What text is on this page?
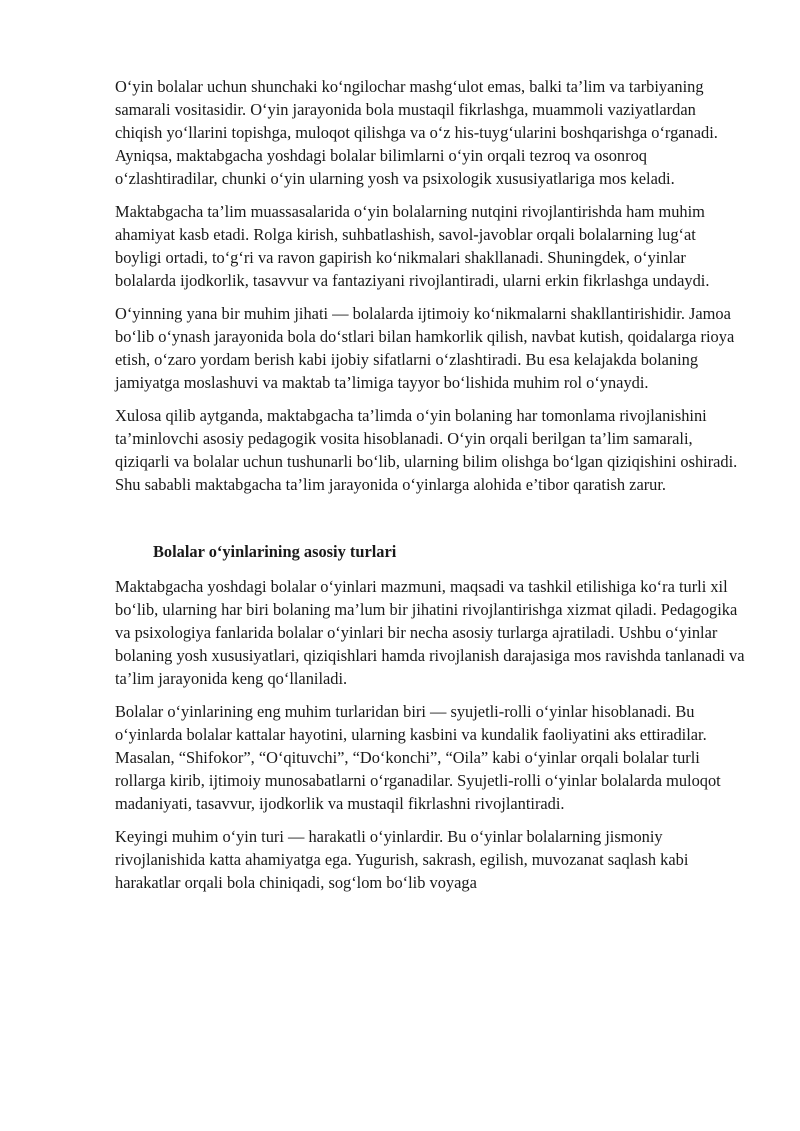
O‘yin bolalar uchun shunchaki ko‘ngilochar mashg‘ulot emas, balki ta’lim va tarbiyaning samarali vositasidir. O‘yin jarayonida bola mustaqil fikrlashga, muammoli vaziyatlardan chiqish yo‘llarini topishga, muloqot qilishga va o‘z his-tuyg‘ularini boshqarishga o‘rganadi. Ayniqsa, maktabgacha yoshdagi bolalar bilimlarni o‘yin orqali tezroq va osonroq o‘zlashtiradilar, chunki o‘yin ularning yosh va psixologik xususiyatlariga mos keladi.

Maktabgacha ta’lim muassasalarida o‘yin bolalarning nutqini rivojlantirishda ham muhim ahamiyat kasb etadi. Rolga kirish, suhbatlashish, savol-javoblar orqali bolalarning lug‘at boyligi ortadi, to‘g‘ri va ravon gapirish ko‘nikmalari shakllanadi. Shuningdek, o‘yinlar bolalarda ijodkorlik, tasavvur va fantaziyani rivojlantiradi, ularni erkin fikrlashga undaydi.

O‘yinning yana bir muhim jihati — bolalarda ijtimoiy ko‘nikmalarni shakllantirishidir. Jamoa bo‘lib o‘ynash jarayonida bola do‘stlari bilan hamkorlik qilish, navbat kutish, qoidalarga rioya etish, o‘zaro yordam berish kabi ijobiy sifatlarni o‘zlashtiradi. Bu esa kelajakda bolaning jamiyatga moslashuvi va maktab ta’limiga tayyor bo‘lishida muhim rol o‘ynaydi.

Xulosa qilib aytganda, maktabgacha ta’limda o‘yin bolaning har tomonlama rivojlanishini ta’minlovchi asosiy pedagogik vosita hisoblanadi. O‘yin orqali berilgan ta’lim samarali, qiziqarli va bolalar uchun tushunarli bo‘lib, ularning bilim olishga bo‘lgan qiziqishini oshiradi. Shu sababli maktabgacha ta’lim jarayonida o‘yinlarga alohida e’tibor qaratish zarur.

Bolalar o‘yinlarining asosiy turlari

Maktabgacha yoshdagi bolalar o‘yinlari mazmuni, maqsadi va tashkil etilishiga ko‘ra turli xil bo‘lib, ularning har biri bolaning ma’lum bir jihatini rivojlantirishga xizmat qiladi. Pedagogika va psixologiya fanlarida bolalar o‘yinlari bir necha asosiy turlarga ajratiladi. Ushbu o‘yinlar bolaning yosh xususiyatlari, qiziqishlari hamda rivojlanish darajasiga mos ravishda tanlanadi va ta’lim jarayonida keng qo‘llaniladi.

Bolalar o‘yinlarining eng muhim turlaridan biri — syujetli-rolli o‘yinlar hisoblanadi. Bu o‘yinlarda bolalar kattalar hayotini, ularning kasbini va kundalik faoliyatini aks ettiradilar. Masalan, “Shifokor”, “O‘qituvchi”, “Do‘konchi”, “Oila” kabi o‘yinlar orqali bolalar turli rollarga kirib, ijtimoiy munosabatlarni o‘rganadilar. Syujetli-rolli o‘yinlar bolalarda muloqot madaniyati, tasavvur, ijodkorlik va mustaqil fikrlashni rivojlantiradi.

Keyingi muhim o‘yin turi — harakatli o‘yinlardir. Bu o‘yinlar bolalarning jismoniy rivojlanishida katta ahamiyatga ega. Yugurish, sakrash, egilish, muvozanat saqlash kabi harakatlar orqali bola chiniqadi, sog‘lom bo‘lib voyaga
